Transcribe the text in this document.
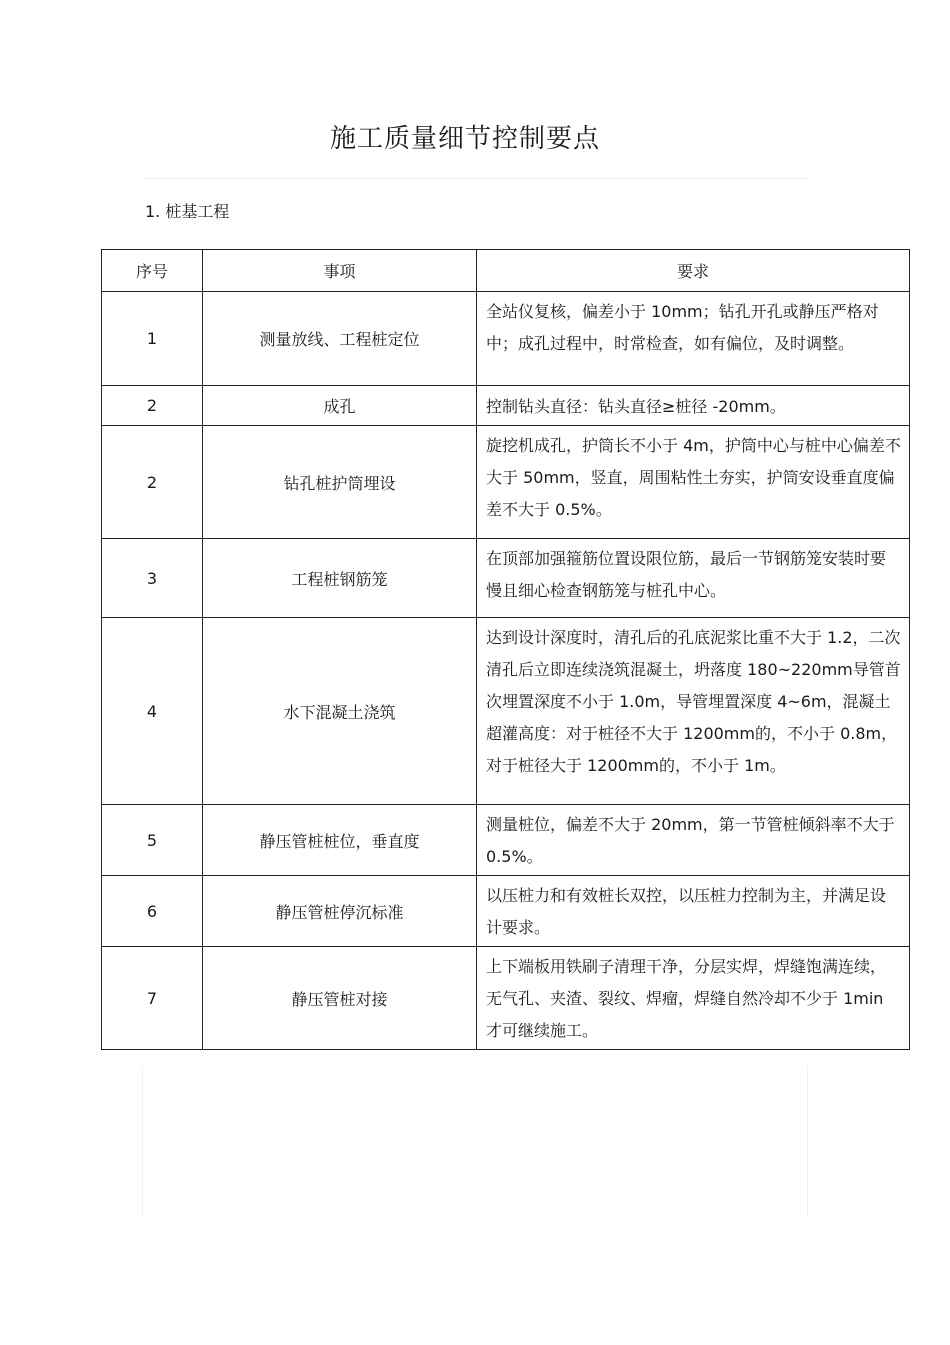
施工质量细节控制要点
1. 桩基工程
序号	事项	要求
1	测量放线、工程桩定位	全站仪复核，偏差小于 10mm；钻孔开孔或静压严格对中；成孔过程中，时常检查，如有偏位，及时调整。
2	成孔	控制钻头直径：钻头直径≥桩径 -20mm。
2	钻孔桩护筒埋设	旋挖机成孔，护筒长不小于 4m，护筒中心与桩中心偏差不大于 50mm，竖直，周围粘性土夯实，护筒安设垂直度偏差不大于 0.5%。
3	工程桩钢筋笼	在顶部加强箍筋位置设限位筋，最后一节钢筋笼安装时要慢且细心检查钢筋笼与桩孔中心。
4	水下混凝土浇筑	达到设计深度时，清孔后的孔底泥浆比重不大于 1.2，二次清孔后立即连续浇筑混凝土，坍落度 180~220mm导管首次埋置深度不小于 1.0m，导管埋置深度 4~6m，混凝土超灌高度：对于桩径不大于 1200mm的，不小于 0.8m，对于桩径大于 1200mm的，不小于 1m。
5	静压管桩桩位，垂直度	测量桩位，偏差不大于 20mm，第一节管桩倾斜率不大于 0.5%。
6	静压管桩停沉标准	以压桩力和有效桩长双控，以压桩力控制为主，并满足设计要求。
7	静压管桩对接	上下端板用铁刷子清理干净，分层实焊，焊缝饱满连续，无气孔、夹渣、裂纹、焊瘤，焊缝自然冷却不少于 1min 才可继续施工。
